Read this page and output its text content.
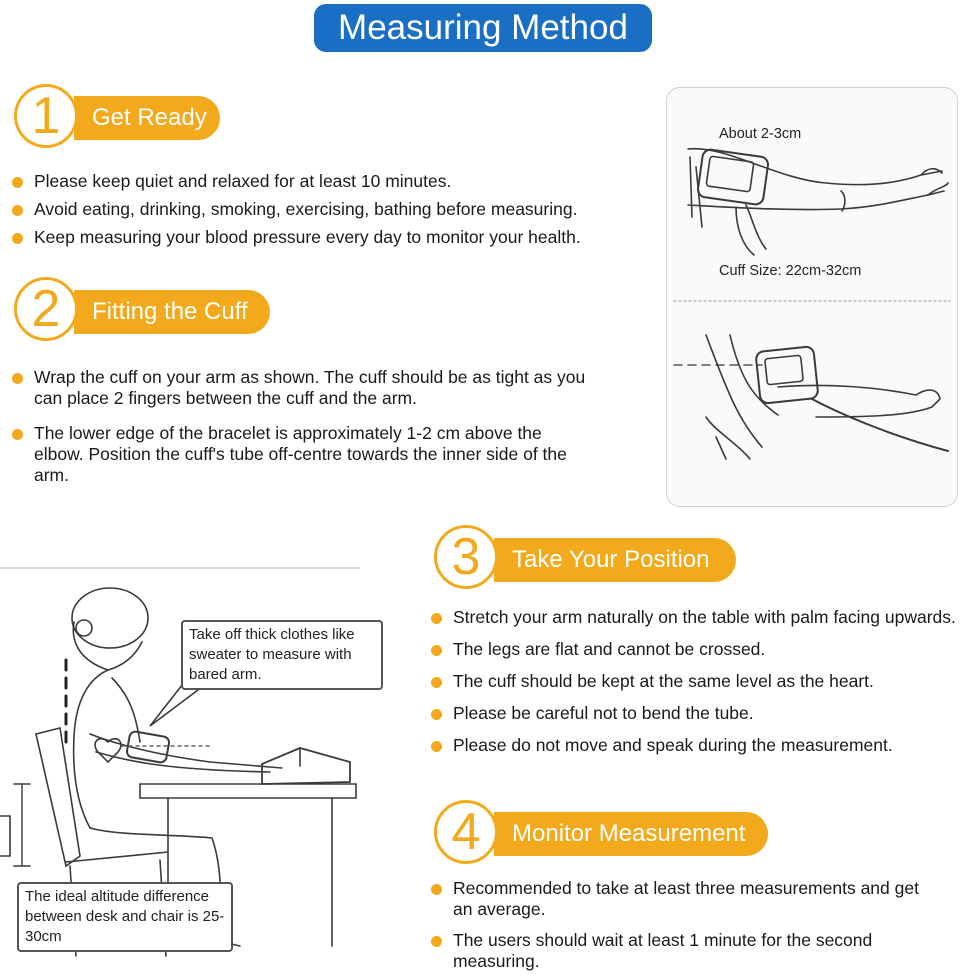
Measuring Method
1	Get Ready
Please keep quiet and relaxed for at least 10 minutes.
Avoid eating, drinking, smoking, exercising, bathing before measuring.
Keep measuring your blood pressure every day to monitor your health.
2	Fitting the Cuff
Wrap the cuff on your arm as shown. The cuff should be as tight as you can place 2 fingers between the cuff and the arm.
The lower edge of the bracelet is approximately 1-2 cm above the elbow. Position the cuff's tube off-centre towards the inner side of the arm.
About 2-3cm
Cuff Size: 22cm-32cm
Take off thick clothes like sweater to measure with bared arm.
The ideal altitude difference between desk and chair is 25-30cm
3	Take Your Position
Stretch your arm naturally on the table with palm facing upwards.
The legs are flat and cannot be crossed.
The cuff should be kept at the same level as the heart.
Please be careful not to bend the tube.
Please do not move and speak during the measurement.
4	Monitor Measurement
Recommended to take at least three measurements and get an average.
The users should wait at least 1 minute for the second measuring.
